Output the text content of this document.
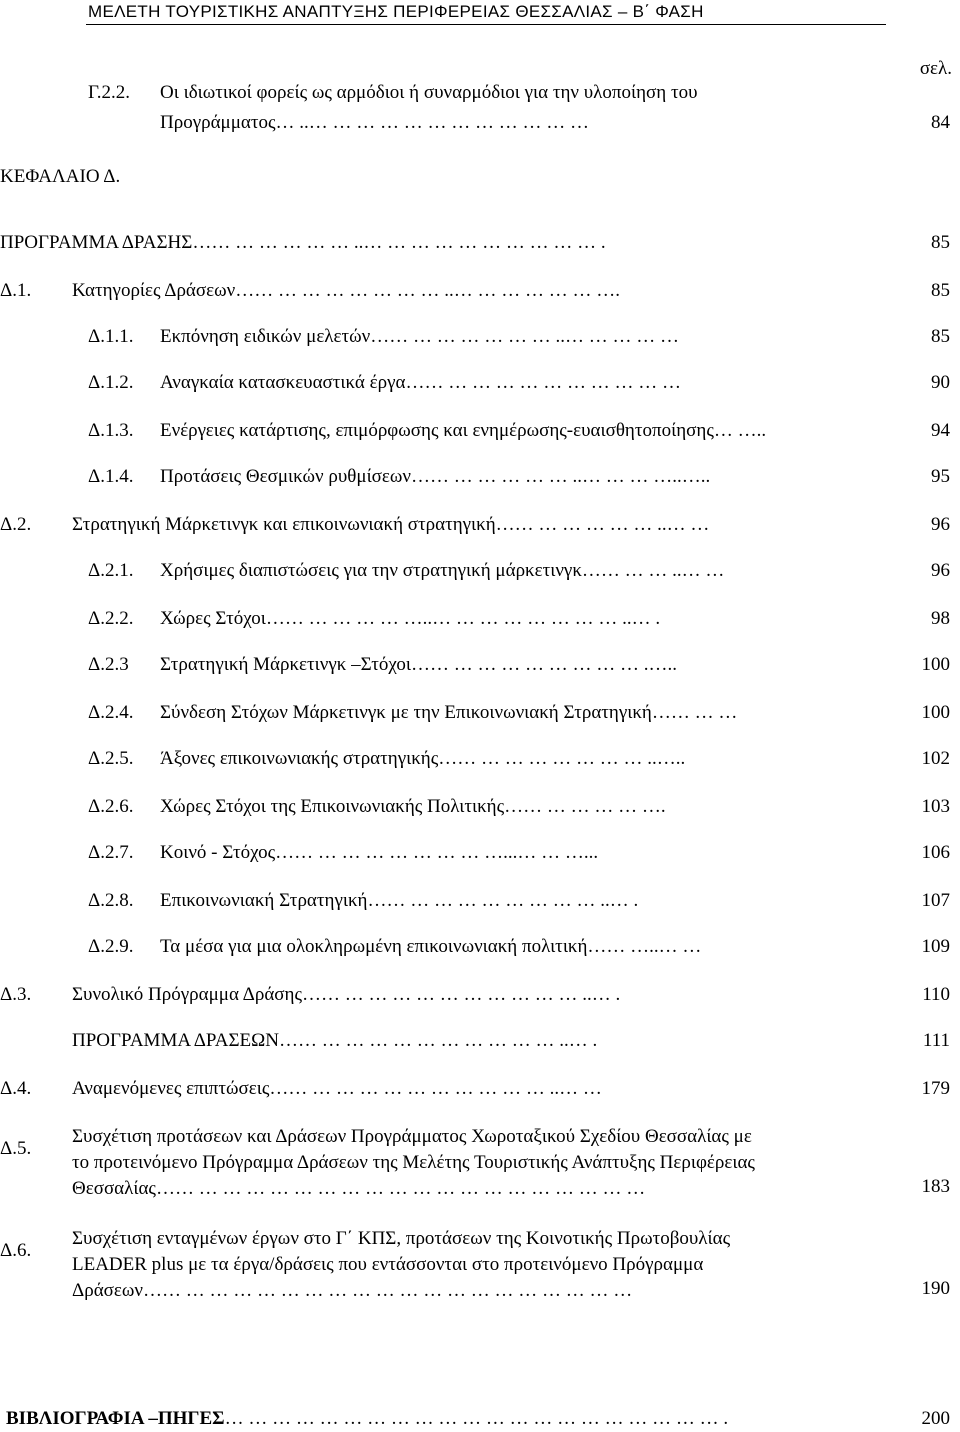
ΜΕΛΕΤΗ ΤΟΥΡΙΣΤΙΚΗΣ ΑΝΑΠΤΥΞΗΣ ΠΕΡΙΦΕΡΕΙΑΣ ΘΕΣΣΑΛΙΑΣ – Β΄ ΦΑΣΗ
σελ.
Γ.2.2. Οι ιδιωτικοί φορείς ως αρμόδιοι ή συναρμόδιοι για την υλοποίηση του
Προγράμματος… ..… … … … … … … … … … … …	84
ΚΕΦΑΛΑΙΟ Δ.
ΠΡΟΓΡΑΜΜΑ ΔΡΑΣΗΣ…… … … … … … ..… … … … … … … … … … .	85
Δ.1. Κατηγορίες Δράσεων…… … … … … … … … ..… … … … … … ….	85
Δ.1.1. Εκπόνηση ειδικών μελετών…… … … … … … … ..… … … … …	85
Δ.1.2. Αναγκαία κατασκευαστικά έργα…… … … … … … … … … … …	90
Δ.1.3. Ενέργειες κατάρτισης, επιμόρφωσης και ενημέρωσης-ευαισθητοποίησης… …..	94
Δ.1.4. Προτάσεις Θεσμικών ρυθμίσεων…… … … … … … ..… … … …..…..	95
Δ.2. Στρατηγική Μάρκετινγκ και επικοινωνιακή στρατηγική…… … … … … … ..… …	96
Δ.2.1. Χρήσιμες διαπιστώσεις για την στρατηγική μάρκετινγκ…… … … ..… …	96
Δ.2.2. Χώρες Στόχοι…… … … … … …..… … … … … … … … ..… .	98
Δ.2.3 Στρατηγική Μάρκετινγκ –Στόχοι…… … … … … … … … … .…..	100
Δ.2.4. Σύνδεση Στόχων Μάρκετινγκ με την Επικοινωνιακή Στρατηγική…… … …	100
Δ.2.5. Άξονες επικοινωνιακής στρατηγικής…… … … … … … … … ..…..	102
Δ.2.6. Χώρες Στόχοι της Επικοινωνιακής Πολιτικής…… … … … … ….	103
Δ.2.7. Κοινό - Στόχος…… … … … … … … … …...… … …...	106
Δ.2.8. Επικοινωνιακή Στρατηγική…… … … … … … … … … ..… .	107
Δ.2.9. Τα μέσα για μια ολοκληρωμένη επικοινωνιακή πολιτική…… …..… …	109
Δ.3. Συνολικό Πρόγραμμα Δράσης…… … … … … … … … … … … ..… .	110
ΠΡΟΓΡΑΜΜΑ ΔΡΑΣΕΩΝ…… … … … … … … … … … … ..… .	111
Δ.4. Αναμενόμενες επιπτώσεις…… … … … … … … … … … … ..… …	179
Δ.5.
Συσχέτιση προτάσεων και Δράσεων Προγράμματος Χωροταξικού Σχεδίου Θεσσαλίας με
το προτεινόμενο Πρόγραμμα Δράσεων της Μελέτης Τουριστικής Ανάπτυξης Περιφέρειας
Θεσσαλίας…… … … … … … … … … … … … … … … … … … … …	183
Δ.6.
Συσχέτιση ενταγμένων έργων στο Γ΄ ΚΠΣ, προτάσεων της Κοινοτικής Πρωτοβουλίας
LEADER plus με τα έργα/δράσεις που εντάσσονται στο προτεινόμενο Πρόγραμμα
Δράσεων…… … … … … … … … … … … … … … … … … … … …	190
ΒΙΒΛΙΟΓΡΑΦΙΑ –ΠΗΓΕΣ… … … … … … … … … … … … … … … … … … … … … .	200
